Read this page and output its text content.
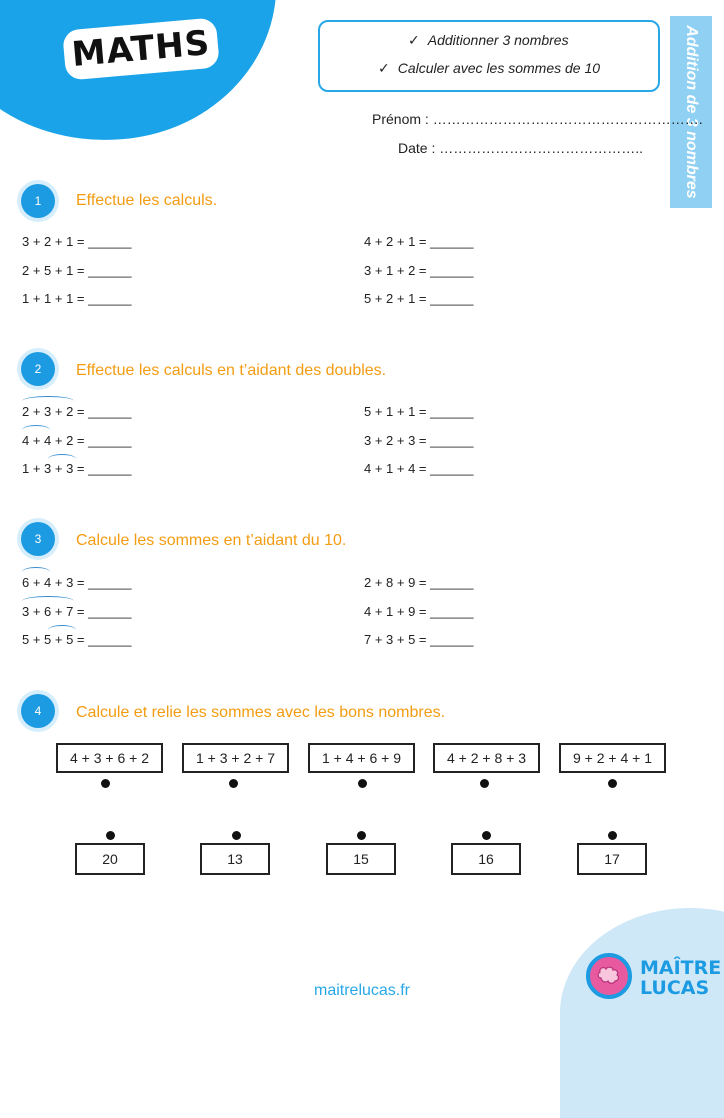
MATHS	✓ Additionner 3 nombres
✓ Calculer avec les sommes de 10	Addition de 3 nombres
Prénom : ………………………………………………….
Date : ……………………………………..
1	Effectue les calculs.
3 + 2 + 1 = ______
2 + 5 + 1 = ______
1 + 1 + 1 = ______
4 + 2 + 1 = ______
3 + 1 + 2 = ______
5 + 2 + 1 = ______
2	Effectue les calculs en t’aidant des doubles.
2 + 3 + 2 = ______
4 + 4 + 2 = ______
1 + 3 + 3 = ______
5 + 1 + 1 = ______
3 + 2 + 3 = ______
4 + 1 + 4 = ______
3	Calcule les sommes en t’aidant du 10.
6 + 4 + 3 = ______
3 + 6 + 7 = ______
5 + 5 + 5 = ______
2 + 8 + 9 = ______
4 + 1 + 9 = ______
7 + 3 + 5 = ______
4	Calcule et relie les sommes avec les bons nombres.
4 + 3 + 6 + 2	1 + 3 + 2 + 7	1 + 4 + 6 + 9	4 + 2 + 8 + 3	9 + 2 + 4 + 1
20	13	15	16	17
maitrelucas.fr
MAÎTRE
LUCAS
